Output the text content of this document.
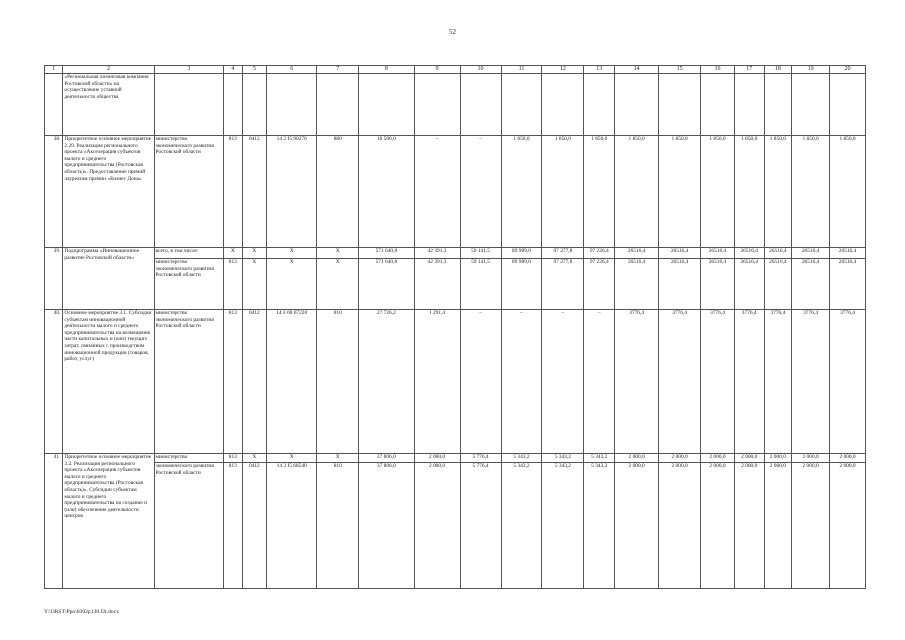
52
1	2	3	4	5	6	7	8	9	10	11	12	13	14	15	16	17	18	19	20
	«Региональная лизинговая компания Ростовской области» на осуществление уставной деятельности общества																		
38.	Приоритетное основное мероприятие 2.29. Реализация регионального проекта «Акселерация субъектов малого и среднего предпринимательства (Ростовская область)». Предоставление премий лауреатам премии «Бизнес Дона»	министерство экономического развития Ростовской области	813	0412	14 2 I5 90270	880	18 500,0	–	–	1 850,0	1 850,0	1 850,0	1 850,0	1 850,0	1 850,0	1 850,0	1 850,0	1 850,0	1 850,0
39.	Подпрограмма «Инновационное развитие Ростовской области»	всего, в том числе:	X	X	X	X	571 640,8	42 391,3	59 141,5	89 989,0	97 277,8	97 226,4	26516,4	26516,4	26516,4	26516,4	26516,4	26516,4	26516,4
		министерство экономического развития Ростовской области	813	X	X	X	571 640,8	42 391,3	59 141,5	89 989,0	97 277,8	97 226,4	26516,4	26516,4	26516,4	26516,4	26516,4	26516,4	26516,4
40.	Основное мероприятие 3.1. Субсидия субъектам инновационной деятельности малого и среднего предпринимательства на возмещение части капитальных и (или) текущих затрат, связанных с производством инновационной продукции (товаров, работ, услуг)	министерство экономического развития Ростовской области	813	0412	14 3 00 67220	810	27 726,2	1 291,4	–	–	–	–	3776,4	3776,4	3776,4	3776,4	3776,4	3776,4	3776,4
41.	Приоритетное основное мероприятие 3.2. Реализация регионального проекта «Акселерация субъектов малого и среднего предпринимательства (Ростовская область)». Субсидии субъектам малого и среднего предпринимательства на создание и (или) обеспечение деятельности центров	министерство	813	X	X	X	37 806,0	2 000,0	5 776,4	5 343,2	5 343,2	5 343,2	2 000,0	2 000,0	2 000,0	2 000,0	2 000,0	2 000,0	2 000,0
		экономического развития Ростовской области	813	0412	14 3 I5 68540	810	37 806,0	2 000,0	5 776,4	5 343,2	5 343,2	5 343,2	2 000,0	2 000,0	2 000,0	2 000,0	2 000,0	2 000,0	2 000,0
Y:\ORST\Ppo\0302p130.f2t.docx
